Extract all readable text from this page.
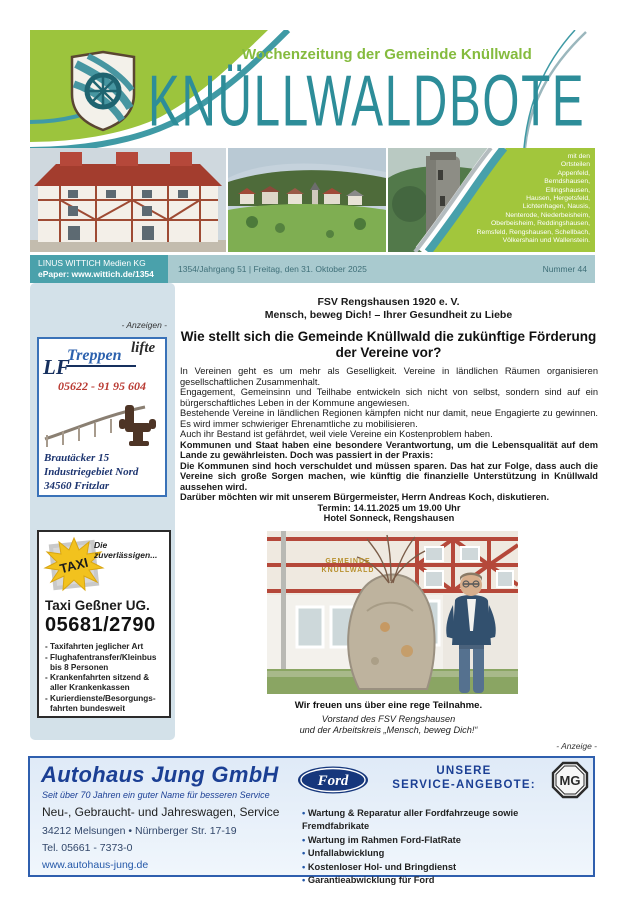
Wochenzeitung der Gemeinde Knüllwald
KNÜLLWALDBOTE
mit den
Ortsteilen
Appenfeld,
Berndshausen,
Ellingshausen,
Hausen, Hergetsfeld,
Lichtenhagen, Nausis,
Nenterode, Niederbeisheim,
Oberbeisheim, Reddingshausen,
Remsfeld, Rengshausen, Schellbach,
Völkershain und Wallenstein.
LINUS WITTICH Medien KG
ePaper: www.wittich.de/1354	1354/Jahrgang 51 | Freitag, den 31. Oktober 2025	Nummer 44
- Anzeigen -
LF
Treppen lifte
05622 - 91 95 604
Brautäcker 15
Industriegebiet Nord
34560 Fritzlar
TAXI
Die
zuverlässigen...
Taxi Geßner UG.
05681/2790
- Taxifahrten jeglicher Art
- Flughafentransfer/Kleinbus bis 8 Personen
- Krankenfahrten sitzend & aller Krankenkassen
- Kurierdienste/Besorgungs- fahrten bundesweit
FSV Rengshausen 1920 e. V.
Mensch, beweg Dich! – Ihrer Gesundheit zu Liebe
Wie stellt sich die Gemeinde Knüllwald die zukünftige Förderung der Vereine vor?
In Vereinen geht es um mehr als Geselligkeit. Vereine in ländlichen Räumen organisieren gesellschaftlichen Zusammenhalt.
Engagement, Gemeinsinn und Teilhabe entwickeln sich nicht von selbst, sondern sind auf ein bürgerschaftliches Leben in der Kommune angewiesen.
Bestehende Vereine in ländlichen Regionen kämpfen nicht nur damit, neue Engagierte zu gewinnen. Es wird immer schwieriger Ehrenamtliche zu mobilisieren.
Auch ihr Bestand ist gefährdet, weil viele Vereine ein Kostenproblem haben.
Kommunen und Staat haben eine besondere Verantwortung, um die Lebensqualität auf dem Lande zu gewährleisten. Doch was passiert in der Praxis:
Die Kommunen sind hoch verschuldet und müssen sparen. Das hat zur Folge, dass auch die Vereine sich große Sorgen machen, wie künftig die finanzielle Unterstützung in Knüllwald aussehen wird.
Darüber möchten wir mit unserem Bürgermeister, Herrn Andreas Koch, diskutieren.
Termin: 14.11.2025 um 19.00 Uhr
Hotel Sonneck, Rengshausen
GEMEINDE
KNÜLLWALD
Wir freuen uns über eine rege Teilnahme.
Vorstand des FSV Rengshausen
und der Arbeitskreis „Mensch, beweg Dich!“
- Anzeige -
Autohaus Jung GmbH
Seit über 70 Jahren ein guter Name für besseren Service
Neu-, Gebraucht- und Jahreswagen, Service
34212 Melsungen • Nürnberger Str. 17-19
Tel. 05661 - 7373-0
www.autohaus-jung.de
Ford
UNSERE
SERVICE-ANGEBOTE:	MG
• Wartung & Reparatur aller Fordfahrzeuge sowie Fremdfabrikate
• Wartung im Rahmen Ford-FlatRate
• Unfallabwicklung
• Kostenloser Hol- und Bringdienst
• Garantieabwicklung für Ford
